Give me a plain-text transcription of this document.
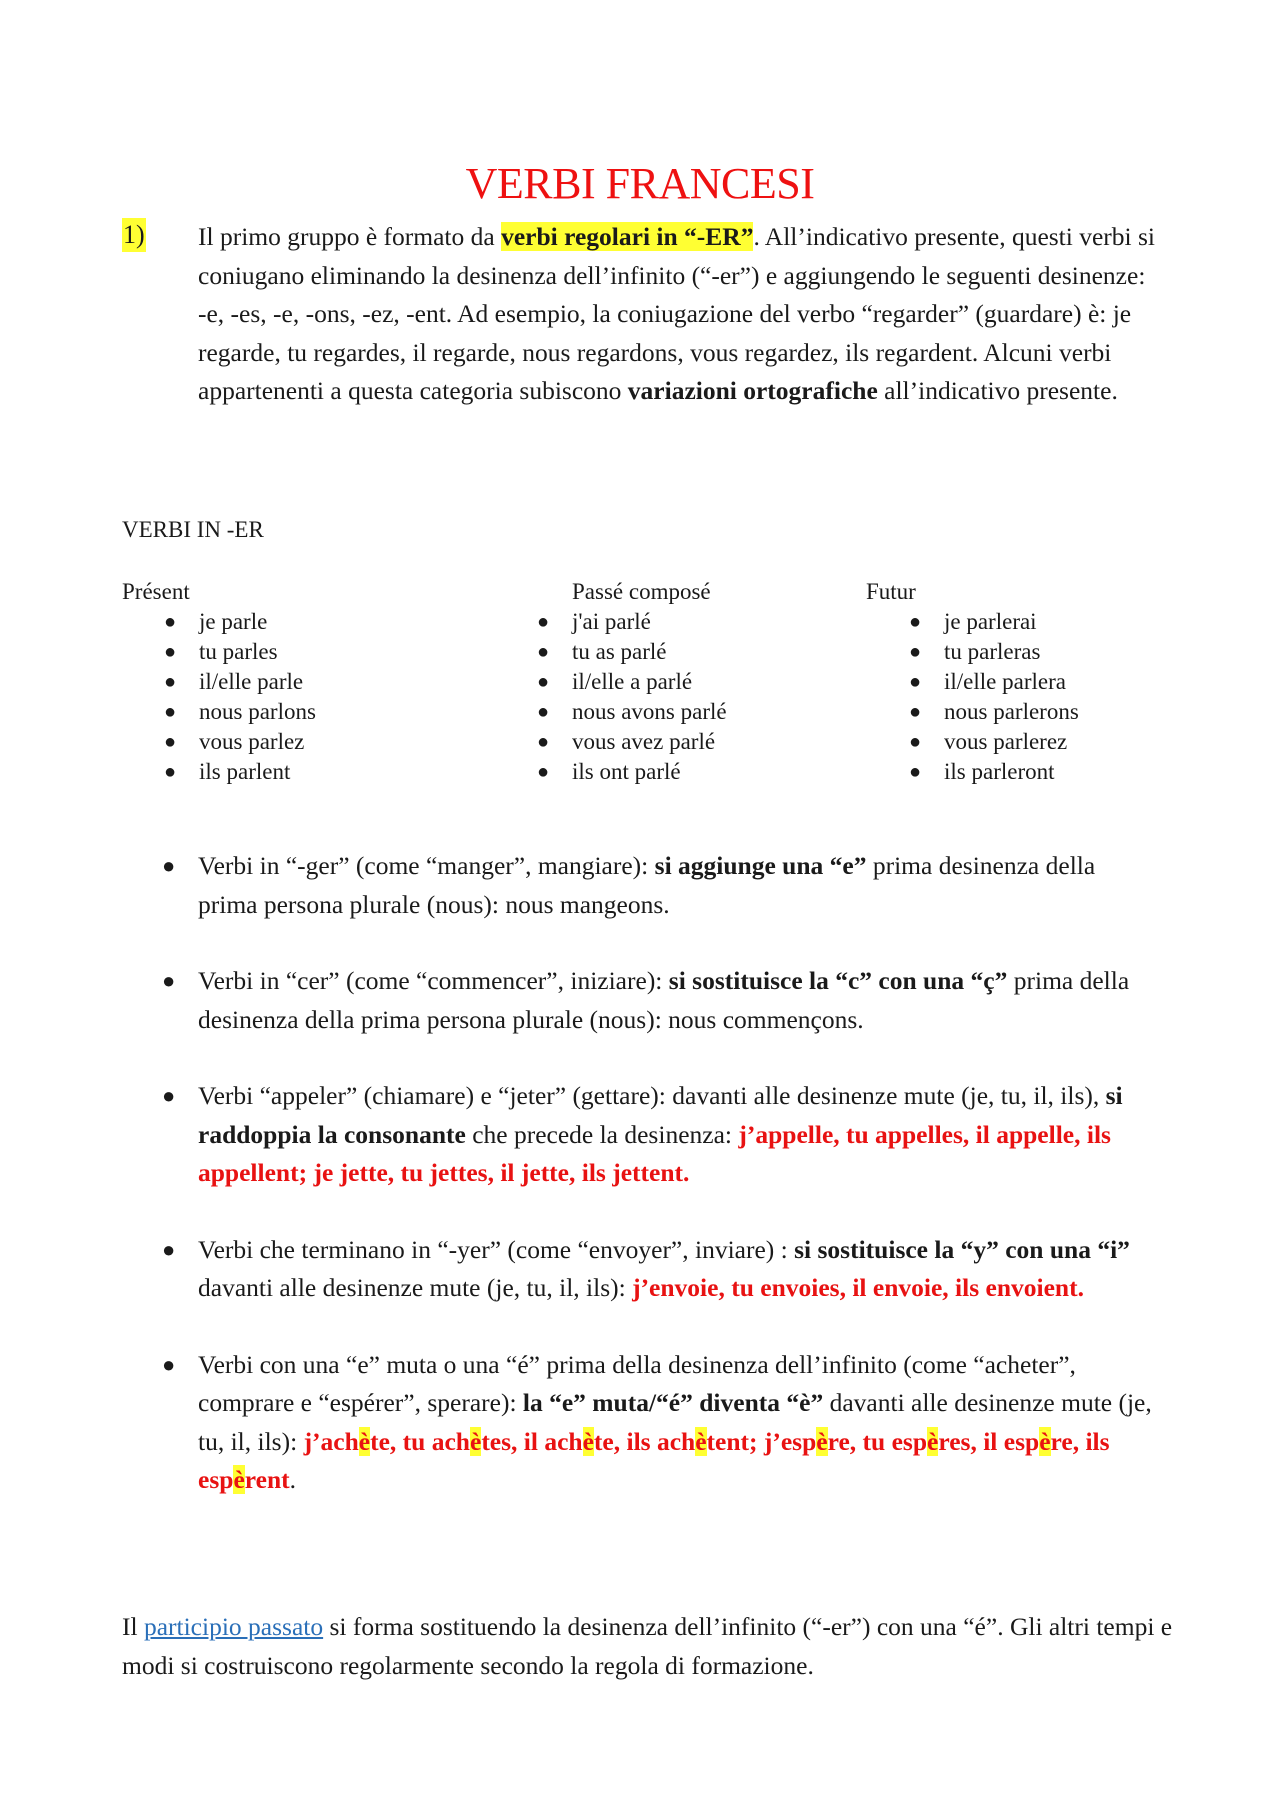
VERBI FRANCESI
1) Il primo gruppo è formato da verbi regolari in “-ER”. All’indicativo presente, questi verbi si coniugano eliminando la desinenza dell’infinito (“-er”) e aggiungendo le seguenti desinenze: -e, -es, -e, -ons, -ez, -ent. Ad esempio, la coniugazione del verbo “regarder” (guardare) è: je regarde, tu regardes, il regarde, nous regardons, vous regardez, ils regardent. Alcuni verbi appartenenti a questa categoria subiscono variazioni ortografiche all’indicativo presente.
VERBI IN -ER
Présent
● je parle
● tu parles
● il/elle parle
● nous parlons
● vous parlez
● ils parlent
Passé composé
● j'ai parlé
● tu as parlé
● il/elle a parlé
● nous avons parlé
● vous avez parlé
● ils ont parlé
Futur
● je parlerai
● tu parleras
● il/elle parlera
● nous parlerons
● vous parlerez
● ils parleront
● Verbi in “-ger” (come “manger”, mangiare): si aggiunge una “e” prima desinenza della prima persona plurale (nous): nous mangeons.
● Verbi in “cer” (come “commencer”, iniziare): si sostituisce la “c” con una “ç” prima della desinenza della prima persona plurale (nous): nous commençons.
● Verbi “appeler” (chiamare) e “jeter” (gettare): davanti alle desinenze mute (je, tu, il, ils), si raddoppia la consonante che precede la desinenza: j’appelle, tu appelles, il appelle, ils appellent; je jette, tu jettes, il jette, ils jettent.
● Verbi che terminano in “-yer” (come “envoyer”, inviare) : si sostituisce la “y” con una “i” davanti alle desinenze mute (je, tu, il, ils): j’envoie, tu envoies, il envoie, ils envoient.
● Verbi con una “e” muta o una “é” prima della desinenza dell’infinito (come “acheter”, comprare e “espérer”, sperare): la “e” muta/“é” diventa “è” davanti alle desinenze mute (je, tu, il, ils): j’achète, tu achètes, il achète, ils achètent; j’espère, tu espères, il espère, ils espèrent.
Il participio passato si forma sostituendo la desinenza dell’infinito (“-er”) con una “é”. Gli altri tempi e modi si costruiscono regolarmente secondo la regola di formazione.
